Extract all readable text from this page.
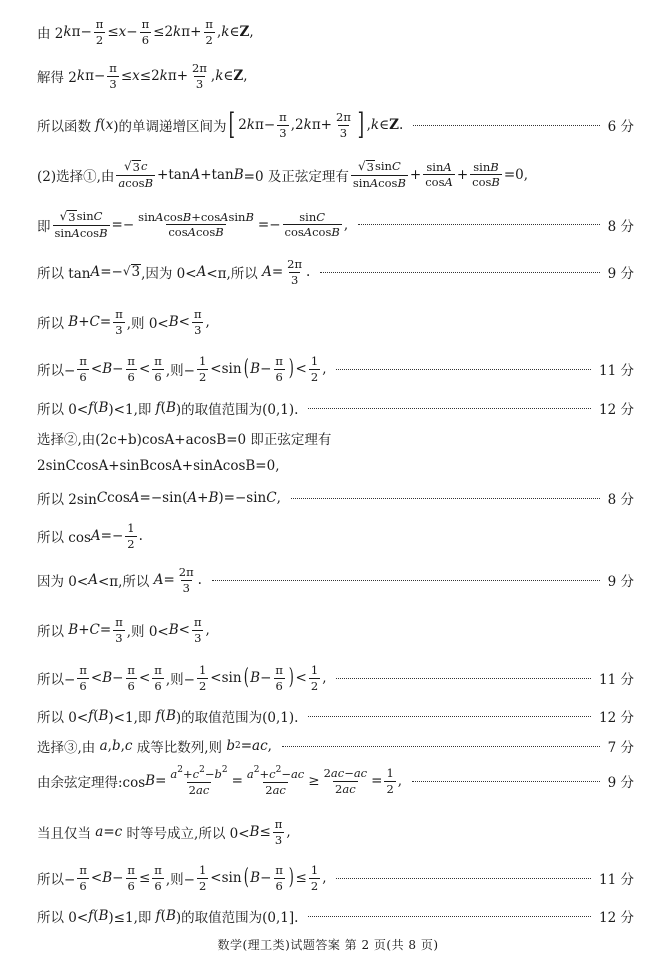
由 2 k $\pi- \frac{\pi}{2} \le x - \frac{\pi}{6} \le 2$ k $\pi+ \frac{\pi}{2}$ , k ∈ Z ,
解得 2 k $\pi- \frac{\pi}{3} \le x \le 2$ k $\pi+ \frac{2\pi}{3}$ , k ∈ Z ,
所以函数 f ( x )的单调递增区间为 [ 2 k $\pi- \frac{\pi}{3} ,2$ k $\pi+ \frac{2\pi}{3}$ ] , k ∈ Z .	6 分
(2)选择①,由 $\frac{√ 3 c}{acosB} +\tan$ A +tan B =0 及正弦定理有 $\frac{√ 3 \sin C}{\text{sinAcosB}} + \frac{\sin A}{\cos A} + \frac{\sin B}{\cos B} =0$,
即 $\frac{√ 3 \sin C}{\text{sinAcosB}} =- \frac{\text{sinAcosB+cosAsinB}}{\text{cosAcosB}} =- \frac{\sin C}{\text{cosAcosB}}$ ,	8 分
所以 tan A =− √ 3 ,因为 0< A <π,所以 $A = \frac{2\pi}{3}$ .	9 分
所以 $B + C = \frac{\pi}{3}$ ,则 $0< B < \frac{\pi}{3}$ ,
所以− $\frac{\pi}{6} < B - \frac{\pi}{6} < \frac{\pi}{6}$ ,则− $\frac{1}{2} <\sin$ ( $B - \frac{\pi}{6}$ ) < $\frac{1}{2}$ ,	11 分
所以 0< f ( B )<1,即 f ( B )的取值范围为(0,1).	12 分
选择②,由(2c+b)cosA+acosB=0 即正弦定理有
2sinCcosA+sinBcosA+sinAcosB=0,
所以 2sin C cos A =−sin( A + B )=−sin C ,	8 分
所以 $\cos A =- \frac{1}{2}$ .
因为 0< A <π,所以 $A = \frac{2\pi}{3}$ .	9 分
所以 $B + C = \frac{\pi}{3}$ ,则 $0< B < \frac{\pi}{3}$ ,
所以− $\frac{\pi}{6} < B - \frac{\pi}{6} < \frac{\pi}{6}$ ,则− $\frac{1}{2} <\sin$ ( $B - \frac{\pi}{6}$ ) < $\frac{1}{2}$ ,	11 分
所以 0< f ( B )<1,即 f ( B )的取值范围为(0,1).	12 分
选择③,由 a , b , c 成等比数列,则 b 2 = ac ,	7 分
由余弦定理得:cos $B = \frac{a^2+c^2-b^2}{2ac} = \frac{a^2+c^2-ac}{2ac} \ge \frac{2ac-ac}{2ac} = \frac{1}{2}$ ,	9 分
当且仅当 a = c 时等号成立,所以 $0< B \le \frac{\pi}{3}$ ,
所以− $\frac{\pi}{6} < B - \frac{\pi}{6} \le \frac{\pi}{6}$ ,则− $\frac{1}{2} <\sin$ ( $B - \frac{\pi}{6}$ ) ≤ $\frac{1}{2}$ ,	11 分
所以 0< f ( B )≤1,即 f ( B )的取值范围为(0,1].	12 分
数学(理工类)试题答案 第 2 页(共 8 页)
